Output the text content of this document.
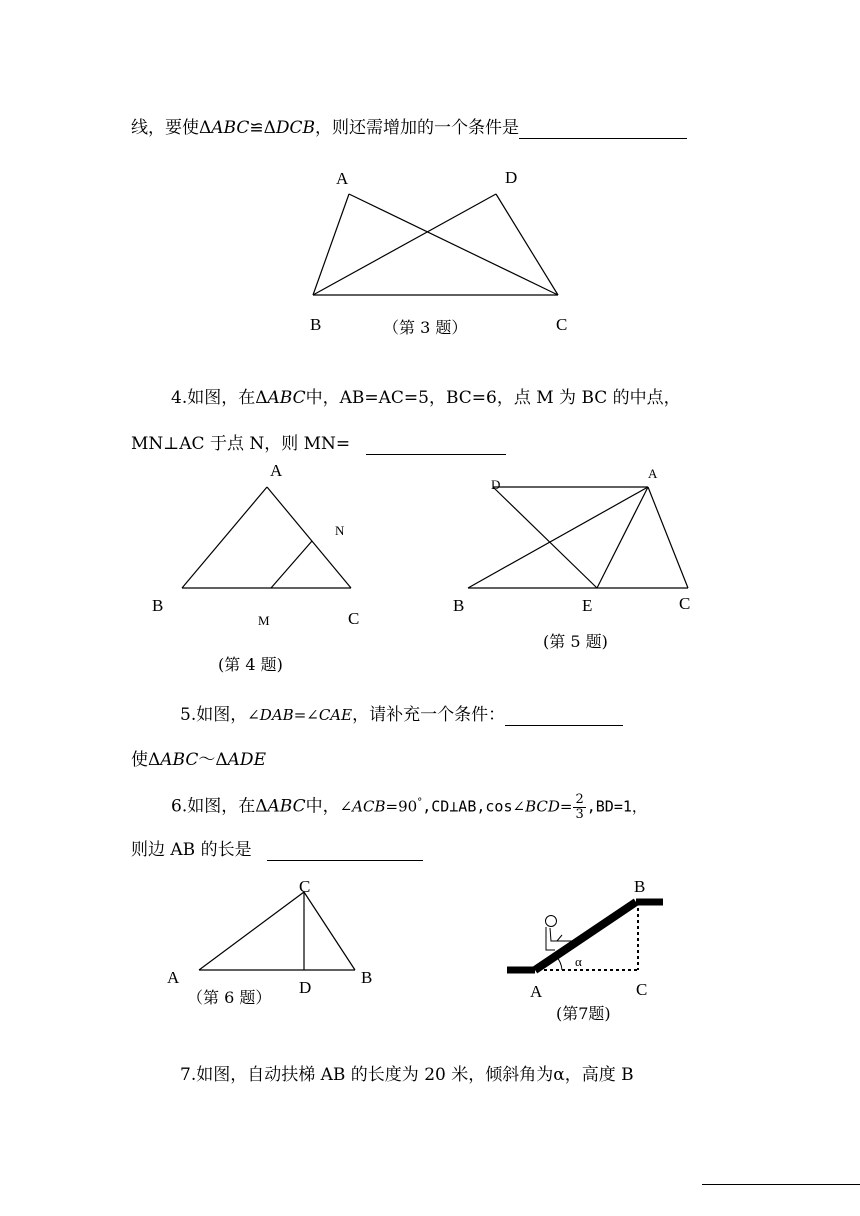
线，要使ΔABC≌ΔDCB，则还需增加的一个条件是
A	D
B	C
（第 3 题）
4.如图，在ΔABC中，AB=AC=5，BC=6，点 M 为 BC 的中点，
MN⊥AC 于点 N，则 MN=
A
N
B
M	C
(第 4 题)
D
A
B	E	C
(第 5 题)
5.如图，∠DAB=∠CAE，请补充一个条件：
使ΔABC～ΔADE
6.如图，在ΔABC中，∠ACB=90°,CD⊥AB,cos∠BCD= $\frac{2}{3} ,BD=1$，
则边 AB 的长是
C
A
D
B
（第 6 题）
B
α
A	C
(第7题)
7.如图，自动扶梯 AB 的长度为 20 米，倾斜角为α，高度 B
